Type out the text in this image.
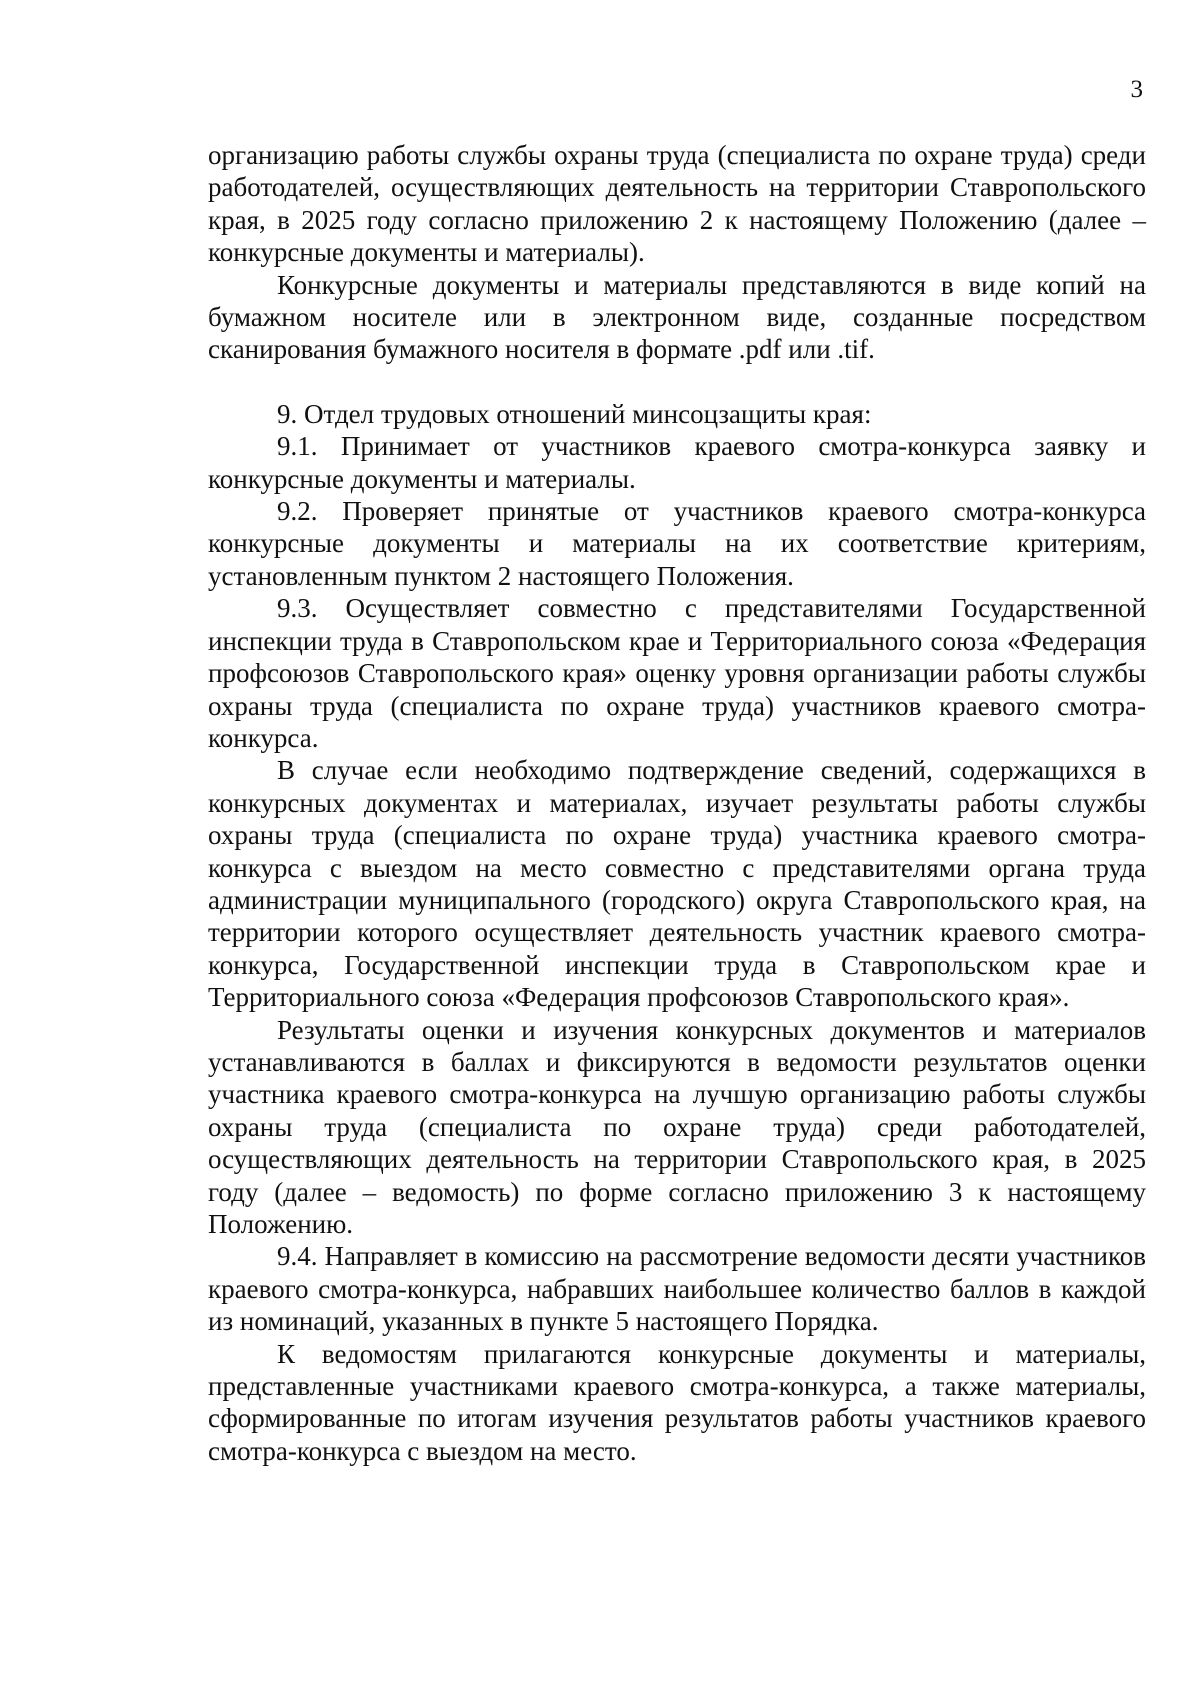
3

организацию работы службы охраны труда (специалиста по охране труда) среди работодателей, осуществляющих деятельность на территории Ставропольского края, в 2025 году согласно приложению 2 к настоящему Положению (далее – конкурсные документы и материалы).

Конкурсные документы и материалы представляются в виде копий на бумажном носителе или в электронном виде, созданные посредством сканирования бумажного носителя в формате .pdf или .tif.

9. Отдел трудовых отношений минсоцзащиты края:

9.1. Принимает от участников краевого смотра-конкурса заявку и конкурсные документы и материалы.

9.2. Проверяет принятые от участников краевого смотра-конкурса конкурсные документы и материалы на их соответствие критериям, установленным пунктом 2 настоящего Положения.

9.3. Осуществляет совместно с представителями Государственной инспекции труда в Ставропольском крае и Территориального союза «Федерация профсоюзов Ставропольского края» оценку уровня организации работы службы охраны труда (специалиста по охране труда) участников краевого смотра-конкурса.

В случае если необходимо подтверждение сведений, содержащихся в конкурсных документах и материалах, изучает результаты работы службы охраны труда (специалиста по охране труда) участника краевого смотра-конкурса с выездом на место совместно с представителями органа труда администрации муниципального (городского) округа Ставропольского края, на территории которого осуществляет деятельность участник краевого смотра-конкурса, Государственной инспекции труда в Ставропольском крае и Территориального союза «Федерация профсоюзов Ставропольского края».

Результаты оценки и изучения конкурсных документов и материалов устанавливаются в баллах и фиксируются в ведомости результатов оценки участника краевого смотра-конкурса на лучшую организацию работы службы охраны труда (специалиста по охране труда) среди работодателей, осуществляющих деятельность на территории Ставропольского края, в 2025 году (далее – ведомость) по форме согласно приложению 3 к настоящему Положению.

9.4. Направляет в комиссию на рассмотрение ведомости десяти участников краевого смотра-конкурса, набравших наибольшее количество баллов в каждой из номинаций, указанных в пункте 5 настоящего Порядка.

К ведомостям прилагаются конкурсные документы и материалы, представленные участниками краевого смотра-конкурса, а также материалы, сформированные по итогам изучения результатов работы участников краевого смотра-конкурса с выездом на место.
